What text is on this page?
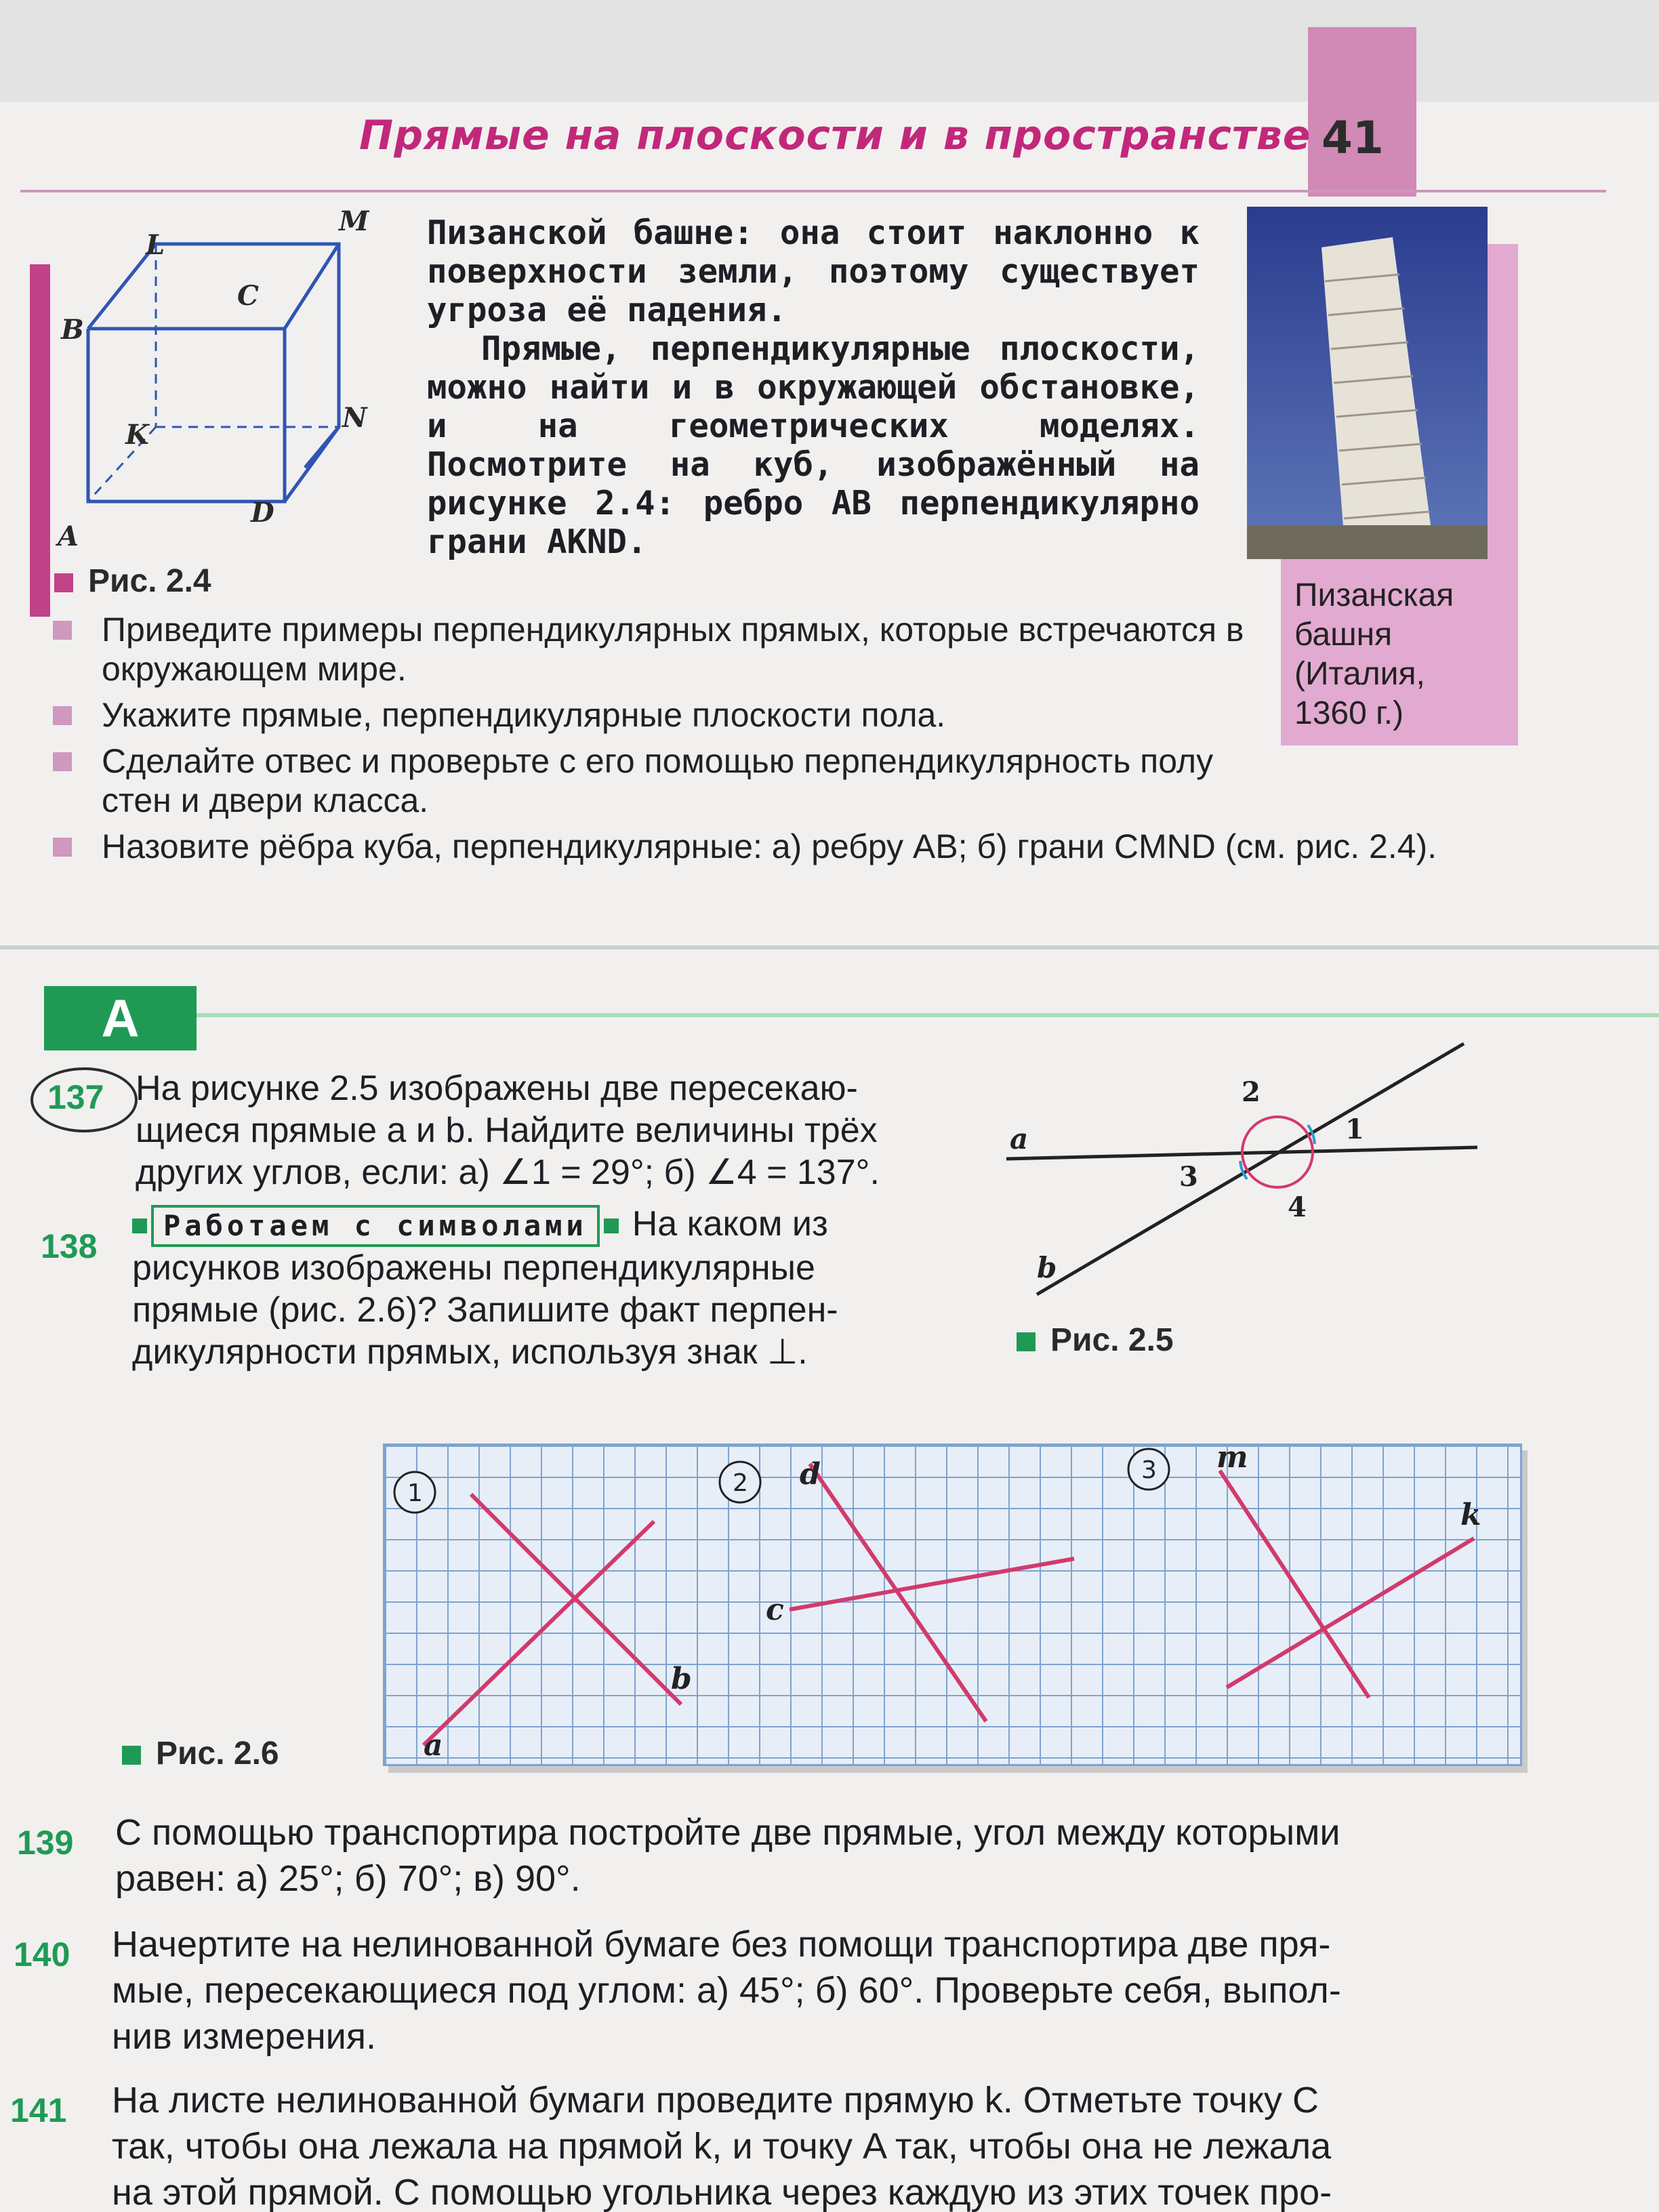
Прямые на плоскости и в пространстве 41
L
M
B
C
K
N
A
D
Рис. 2.4
Пизанской башне: она стоит наклонно к поверхности земли, поэтому существует угроза её падения.
Прямые, перпендикулярные плоскости, можно найти и в окружающей обстановке, и на геометрических моделях. Посмотрите на куб, изображённый на рисунке 2.4: ребро AB перпендикулярно грани AKND.
Пизанская
башня
(Италия,
1360 г.)
Приведите примеры перпендикулярных прямых, которые встречаются в окружающем мире.
Укажите прямые, перпендикулярные плоскости пола.
Сделайте отвес и проверьте с его помощью перпендикулярность полу стен и двери класса.
Назовите рёбра куба, перпендикулярные: а) ребру AB; б) грани CMND (см. рис. 2.4).
А
137 На рисунке 2.5 изображены две пересекаю-
щиеся прямые a и b. Найдите величины трёх
других углов, если: а) ∠1 = 29°; б) ∠4 = 137°.
138
Работаем с символами На каком из
рисунков изображены перпендикулярные
прямые (рис. 2.6)? Запишите факт перпен-
дикулярности прямых, используя знак ⊥.
a
b
1
2
3
4
Рис. 2.5
1	2	3
a
b
d
c
m
k
Рис. 2.6
139 С помощью транспортира постройте две прямые, угол между которыми
равен: а) 25°; б) 70°; в) 90°.
140 Начертите на нелинованной бумаге без помощи транспортира две пря-
мые, пересекающиеся под углом: а) 45°; б) 60°. Проверьте себя, выпол-
нив измерения.
141 На листе нелинованной бумаги проведите прямую k. Отметьте точку C
так, чтобы она лежала на прямой k, и точку A так, чтобы она не лежала
на этой прямой. С помощью угольника через каждую из этих точек про-
